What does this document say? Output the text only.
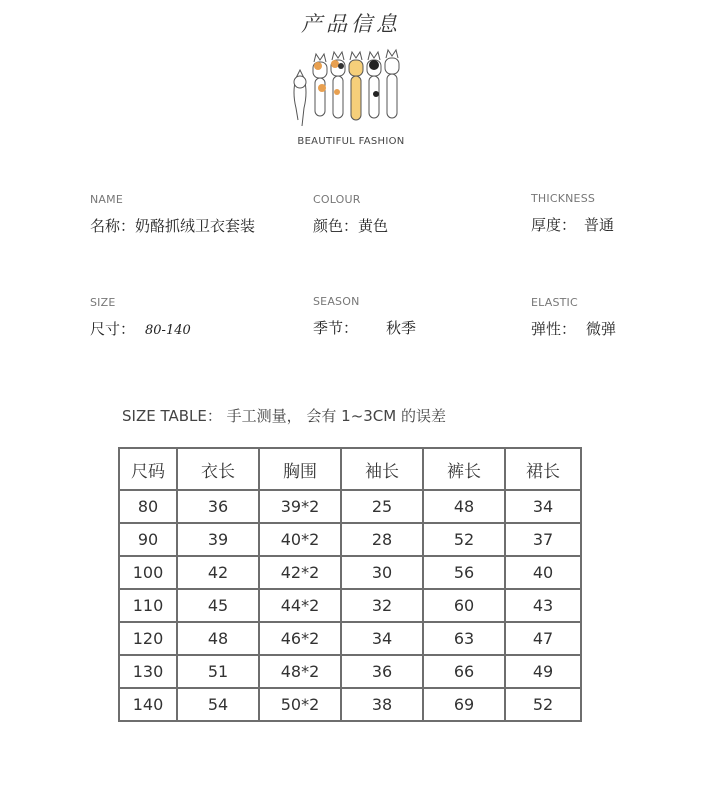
产品信息
BEAUTIFUL FASHION
NAME
名称：奶酪抓绒卫衣套装
COLOUR
颜色：黄色
THICKNESS
厚度： 普通
SIZE
尺寸： 80-140
SEASON
季节： 秋季
ELASTIC
弹性： 微弹
SIZE TABLE： 手工测量， 会有 1~3CM 的误差
尺码	衣长	胸围	袖长	裤长	裙长
80	36	39*2	25	48	34
90	39	40*2	28	52	37
100	42	42*2	30	56	40
110	45	44*2	32	60	43
120	48	46*2	34	63	47
130	51	48*2	36	66	49
140	54	50*2	38	69	52
